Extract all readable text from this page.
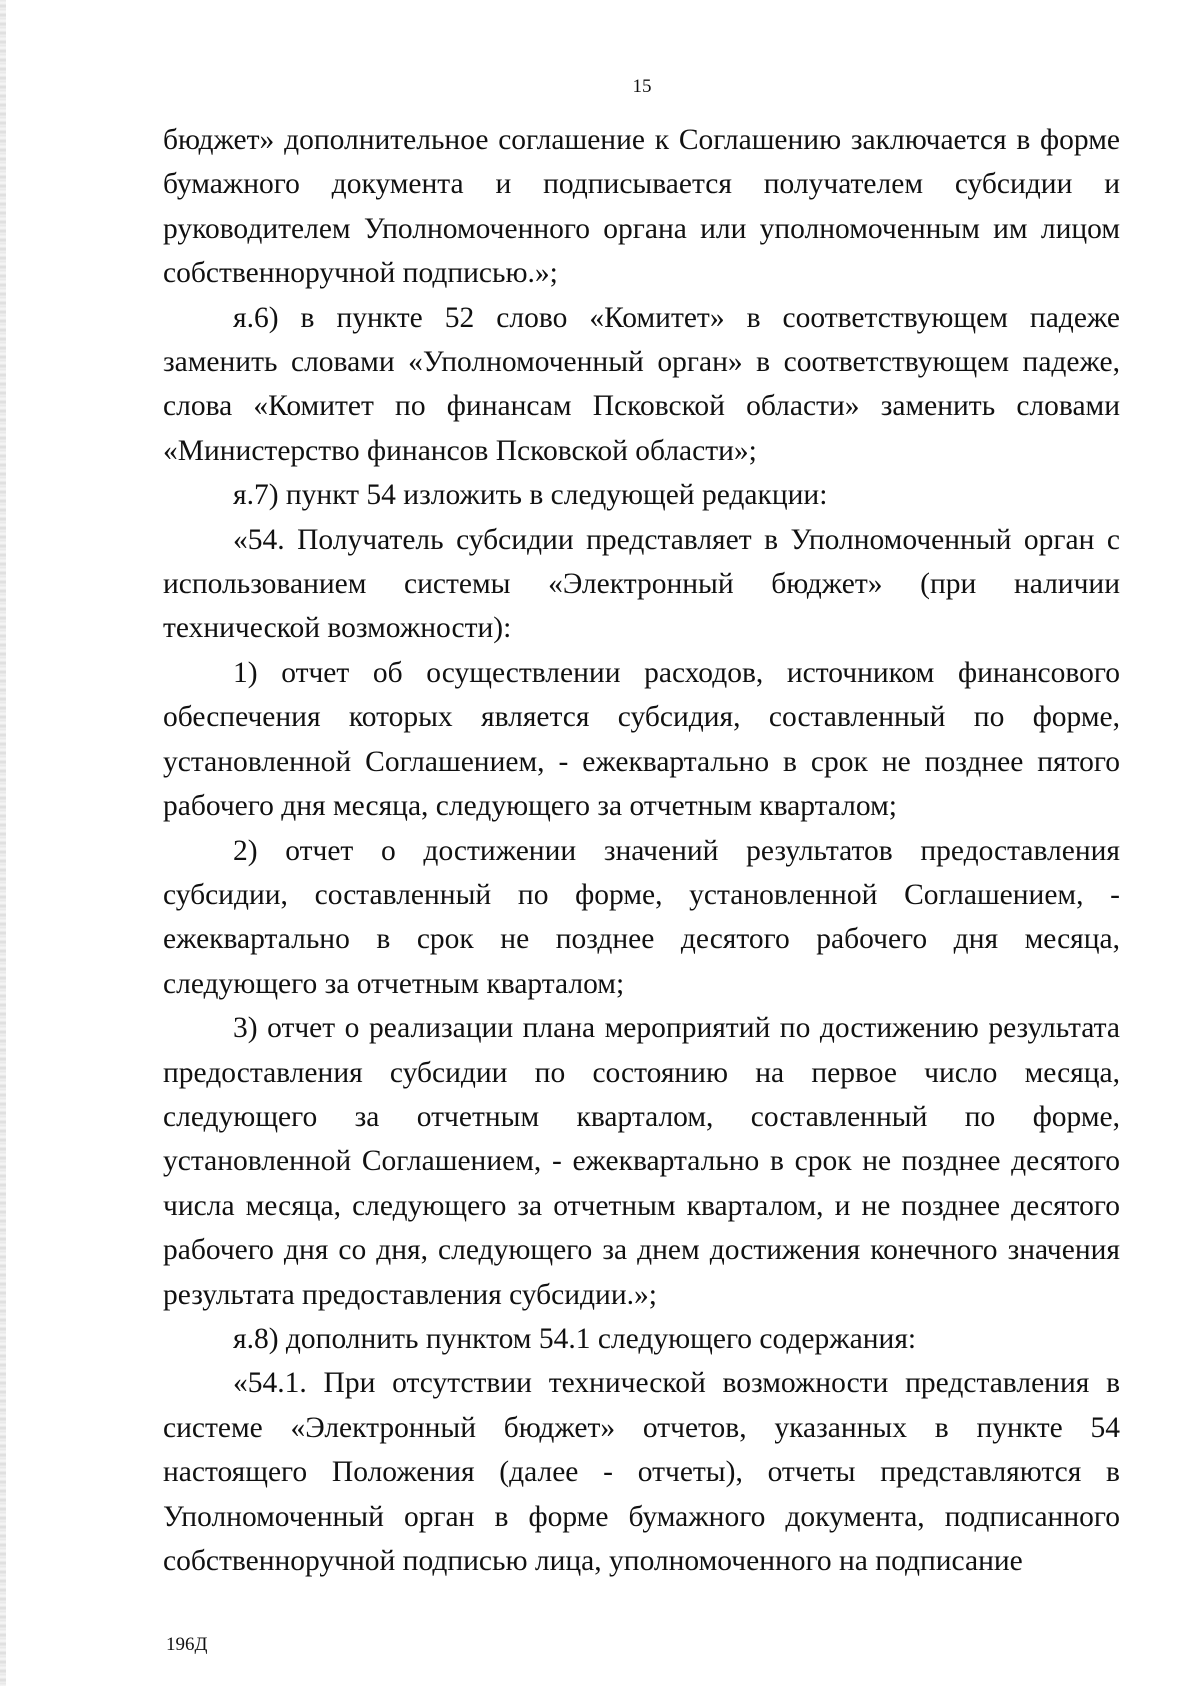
15

бюджет» дополнительное соглашение к Соглашению заключается в форме бумажного документа и подписывается получателем субсидии и руководителем Уполномоченного органа или уполномоченным им лицом собственноручной подписью.»;

я.6) в пункте 52 слово «Комитет» в соответствующем падеже заменить словами «Уполномоченный орган» в соответствующем падеже, слова «Комитет по финансам Псковской области» заменить словами «Министерство финансов Псковской области»;

я.7) пункт 54 изложить в следующей редакции:

«54. Получатель субсидии представляет в Уполномоченный орган с использованием системы «Электронный бюджет» (при наличии технической возможности):

1) отчет об осуществлении расходов, источником финансового обеспечения которых является субсидия, составленный по форме, установленной Соглашением, - ежеквартально в срок не позднее пятого рабочего дня месяца, следующего за отчетным кварталом;

2) отчет о достижении значений результатов предоставления субсидии, составленный по форме, установленной Соглашением, - ежеквартально в срок не позднее десятого рабочего дня месяца, следующего за отчетным кварталом;

3) отчет о реализации плана мероприятий по достижению результата предоставления субсидии по состоянию на первое число месяца, следующего за отчетным кварталом, составленный по форме, установленной Соглашением, - ежеквартально в срок не позднее десятого числа месяца, следующего за отчетным кварталом, и не позднее десятого рабочего дня со дня, следующего за днем достижения конечного значения результата предоставления субсидии.»;

я.8) дополнить пунктом 54.1 следующего содержания:

«54.1. При отсутствии технической возможности представления в системе «Электронный бюджет» отчетов, указанных в пункте 54 настоящего Положения (далее - отчеты), отчеты представляются в Уполномоченный орган в форме бумажного документа, подписанного собственноручной подписью лица, уполномоченного на подписание

196Д
